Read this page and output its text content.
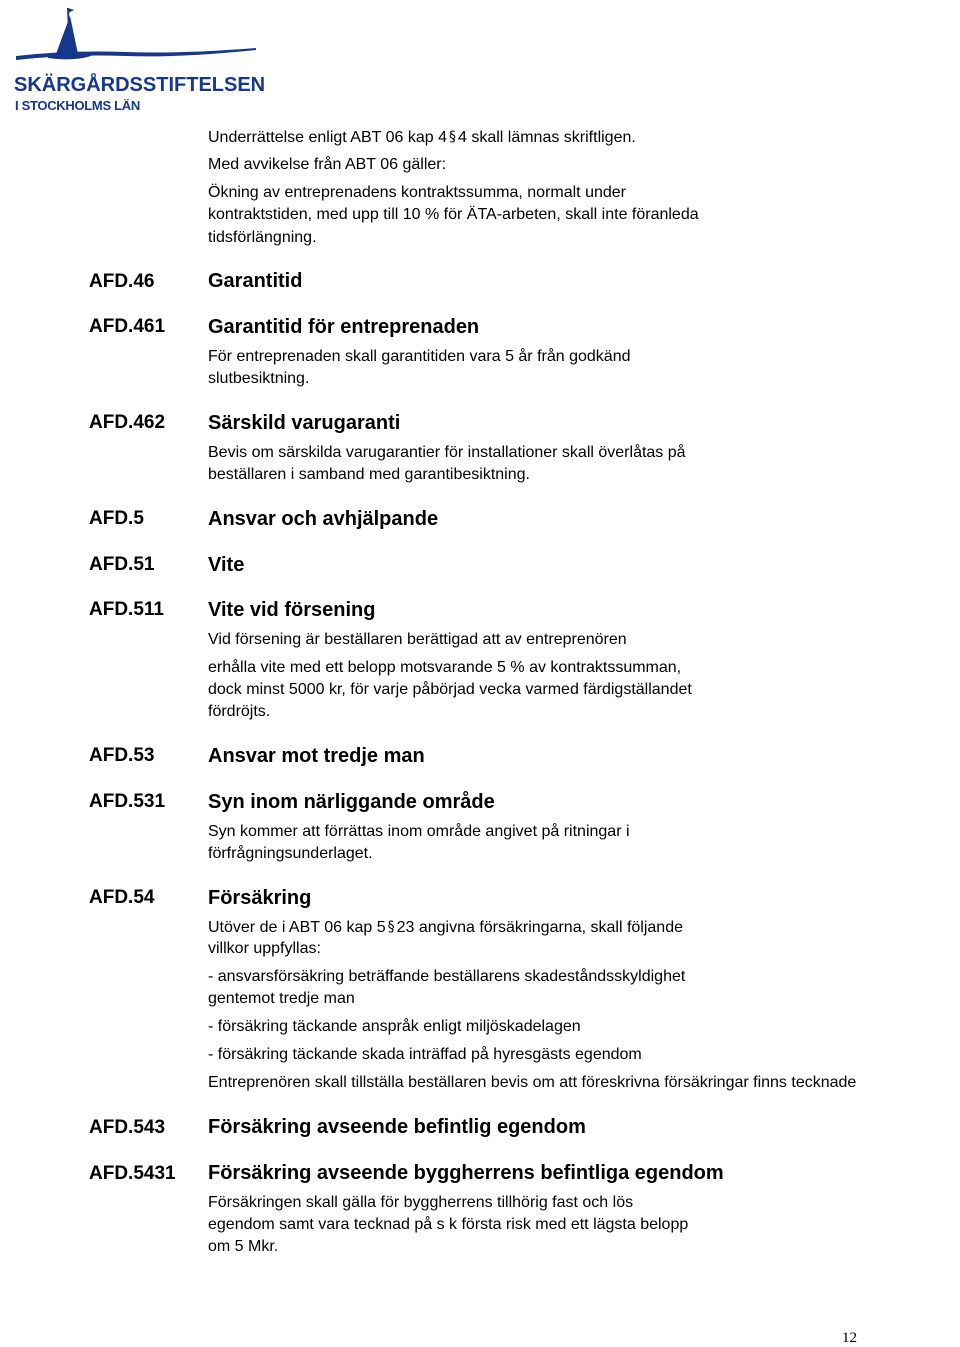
SKÄRGÅRDSSTIFTELSEN
I STOCKHOLMS LÄN
Underrättelse enligt ABT 06 kap 4 § 4 skall lämnas skriftligen.
Med avvikelse från ABT 06 gäller:
Ökning av entreprenadens kontraktssumma, normalt under
kontraktstiden, med upp till 10 % för ÄTA-arbeten, skall inte föranleda
tidsförlängning.
AFD.46	Garantitid
AFD.461 Garantitid för entreprenaden
För entreprenaden skall garantitiden vara 5 år från godkänd
slutbesiktning.
AFD.462 Särskild varugaranti
Bevis om särskilda varugarantier för installationer skall överlåtas på
beställaren i samband med garantibesiktning.
AFD.5	Ansvar och avhjälpande
AFD.51	Vite
AFD.511 Vite vid försening
Vid försening är beställaren berättigad att av entreprenören
erhålla vite med ett belopp motsvarande 5 % av kontraktssumman,
dock minst 5000 kr, för varje påbörjad vecka varmed färdigställandet
fördröjts.
AFD.53	Ansvar mot tredje man
AFD.531 Syn inom närliggande område
Syn kommer att förrättas inom område angivet på ritningar i
förfrågningsunderlaget.
AFD.54	Försäkring
Utöver de i ABT 06 kap 5 § 23 angivna försäkringarna, skall följande
villkor uppfyllas:
- ansvarsförsäkring beträffande beställarens skadeståndsskyldighet
gentemot tredje man
- försäkring täckande anspråk enligt miljöskadelagen
- försäkring täckande skada inträffad på hyresgästs egendom
Entreprenören skall tillställa beställaren bevis om att föreskrivna försäkringar finns tecknade
AFD.543 Försäkring avseende befintlig egendom
AFD.5431 Försäkring avseende byggherrens befintliga egendom
Försäkringen skall gälla för byggherrens tillhörig fast och lös
egendom samt vara tecknad på s k första risk med ett lägsta belopp
om 5 Mkr.
12
